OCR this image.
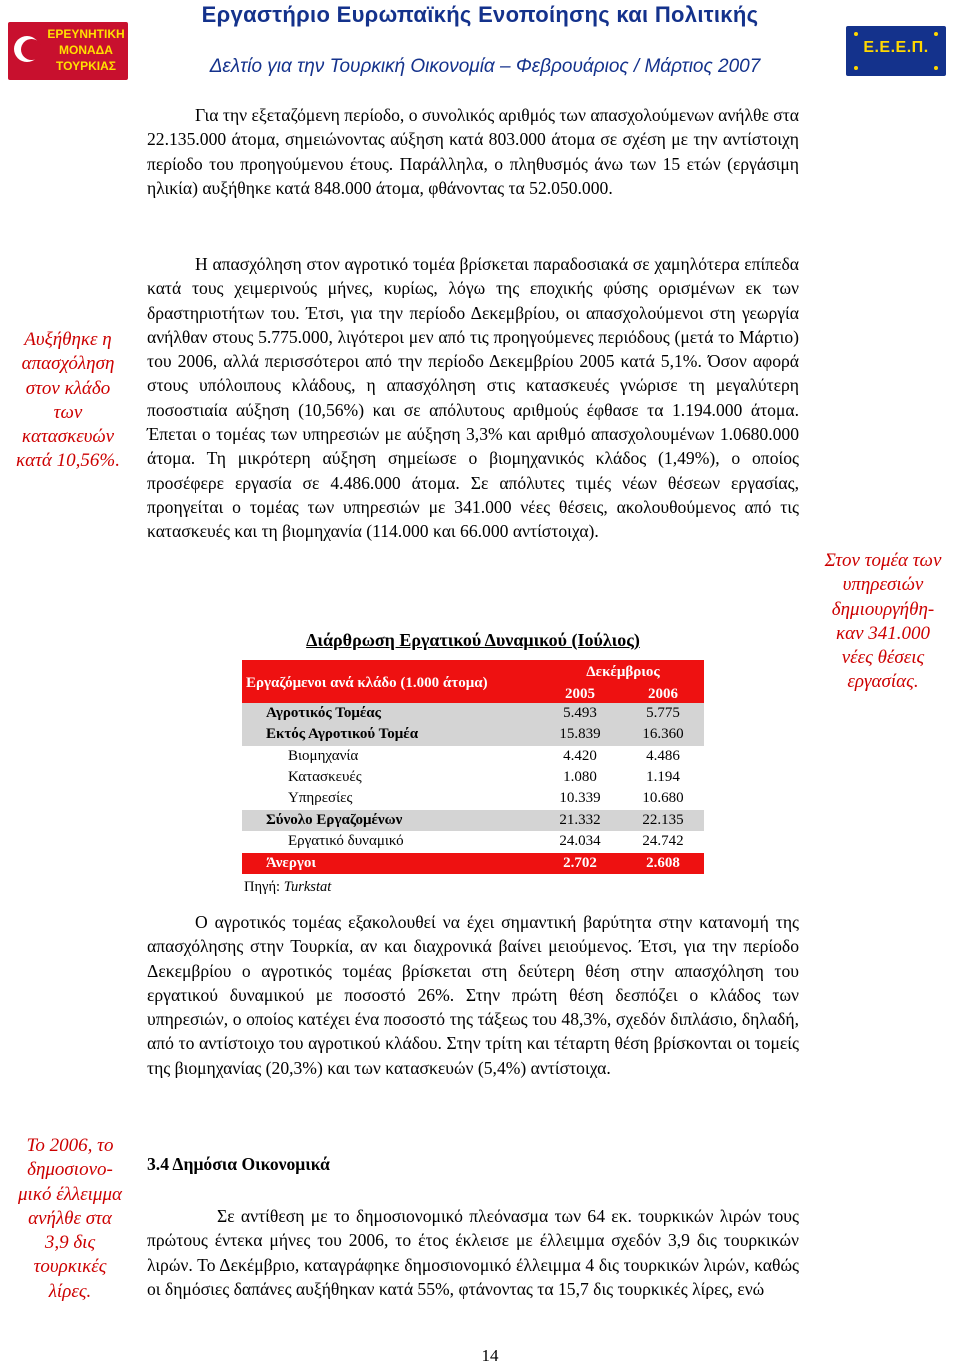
ΕΡΕΥΝΗΤΙΚΗ
ΜΟΝΑΔΑ
ΤΟΥΡΚΙΑΣ
Εργαστήριο Ευρωπαϊκής Ενοποίησης και Πολιτικής
Δελτίο για την Τουρκική Οικονομία – Φεβρουάριος / Μάρτιος 2007
Ε.Ε.Ε.Π.
Αυξήθηκε η
απασχόληση
στον κλάδο
των
κατασκευών
κατά 10,56%.
Το 2006, το
δημοσιονο-
μικό έλλειμμα
ανήλθε στα
3,9 δις
τουρκικές
λίρες.
Στον τομέα των
υπηρεσιών
δημιουργήθη-
καν 341.000
νέες θέσεις
εργασίας.
Για την εξεταζόμενη περίοδο, ο συνολικός αριθμός των απασχολούμενων ανήλθε στα 22.135.000 άτομα, σημειώνοντας αύξηση κατά 803.000 άτομα σε σχέση με την αντίστοιχη περίοδο του προηγούμενου έτους. Παράλληλα, ο πληθυσμός άνω των 15 ετών (εργάσιμη ηλικία) αυξήθηκε κατά 848.000 άτομα, φθάνοντας τα 52.050.000.
Η απασχόληση στον αγροτικό τομέα βρίσκεται παραδοσιακά σε χαμηλότερα επίπεδα κατά τους χειμερινούς μήνες, κυρίως, λόγω της εποχικής φύσης ορισμένων εκ των δραστηριοτήτων του. Έτσι, για την περίοδο Δεκεμβρίου, οι απασχολούμενοι στη γεωργία ανήλθαν στους 5.775.000, λιγότεροι μεν από τις προηγούμενες περιόδους (μετά το Μάρτιο) του 2006, αλλά περισσότεροι από την περίοδο Δεκεμβρίου 2005 κατά 5,1%. Όσον αφορά στους υπόλοιπους κλάδους, η απασχόληση στις κατασκευές γνώρισε τη μεγαλύτερη ποσοστιαία αύξηση (10,56%) και σε απόλυτους αριθμούς έφθασε τα 1.194.000 άτομα. Έπεται ο τομέας των υπηρεσιών με αύξηση 3,3% και αριθμό απασχολουμένων 1.0680.000 άτομα. Τη μικρότερη αύξηση σημείωσε ο βιομηχανικός κλάδος (1,49%), ο οποίος προσέφερε εργασία σε 4.486.000 άτομα. Σε απόλυτες τιμές νέων θέσεων εργασίας, προηγείται ο τομέας των υπηρεσιών με 341.000 νέες θέσεις, ακολουθούμενος από τις κατασκευές και τη βιομηχανία (114.000 και 66.000 αντίστοιχα).
Διάρθρωση Εργατικού Δυναμικού (Ιούλιος)
Εργαζόμενοι ανά κλάδο (1.000 άτομα)
Δεκέμβριος
2005	2006
Αγροτικός Τομέας	5.493	5.775
Εκτός Αγροτικού Τομέα	15.839	16.360
Βιομηχανία	4.420	4.486
Κατασκευές	1.080	1.194
Υπηρεσίες	10.339	10.680
Σύνολο Εργαζομένων	21.332	22.135
Εργατικό δυναμικό	24.034	24.742
Άνεργοι	2.702	2.608
Πηγή: Turkstat
Ο αγροτικός τομέας εξακολουθεί να έχει σημαντική βαρύτητα στην κατανομή της απασχόλησης στην Τουρκία, αν και διαχρονικά βαίνει μειούμενος. Έτσι, για την περίοδο Δεκεμβρίου ο αγροτικός τομέας βρίσκεται στη δεύτερη θέση στην απασχόληση του εργατικού δυναμικού με ποσοστό 26%. Στην πρώτη θέση δεσπόζει ο κλάδος των υπηρεσιών, ο οποίος κατέχει ένα ποσοστό της τάξεως του 48,3%, σχεδόν διπλάσιο, δηλαδή, από το αντίστοιχο του αγροτικού κλάδου. Στην τρίτη και τέταρτη θέση βρίσκονται οι τομείς της βιομηχανίας (20,3%) και των κατασκευών (5,4%) αντίστοιχα.
3.4 Δημόσια Οικονομικά
Σε αντίθεση με το δημοσιονομικό πλεόνασμα των 64 εκ. τουρκικών λιρών τους πρώτους έντεκα μήνες του 2006, το έτος έκλεισε με έλλειμμα σχεδόν 3,9 δις τουρκικών λιρών. Το Δεκέμβριο, καταγράφηκε δημοσιονομικό έλλειμμα 4 δις τουρκικών λιρών, καθώς οι δημόσιες δαπάνες αυξήθηκαν κατά 55%, φτάνοντας τα 15,7 δις τουρκικές λίρες, ενώ
14
